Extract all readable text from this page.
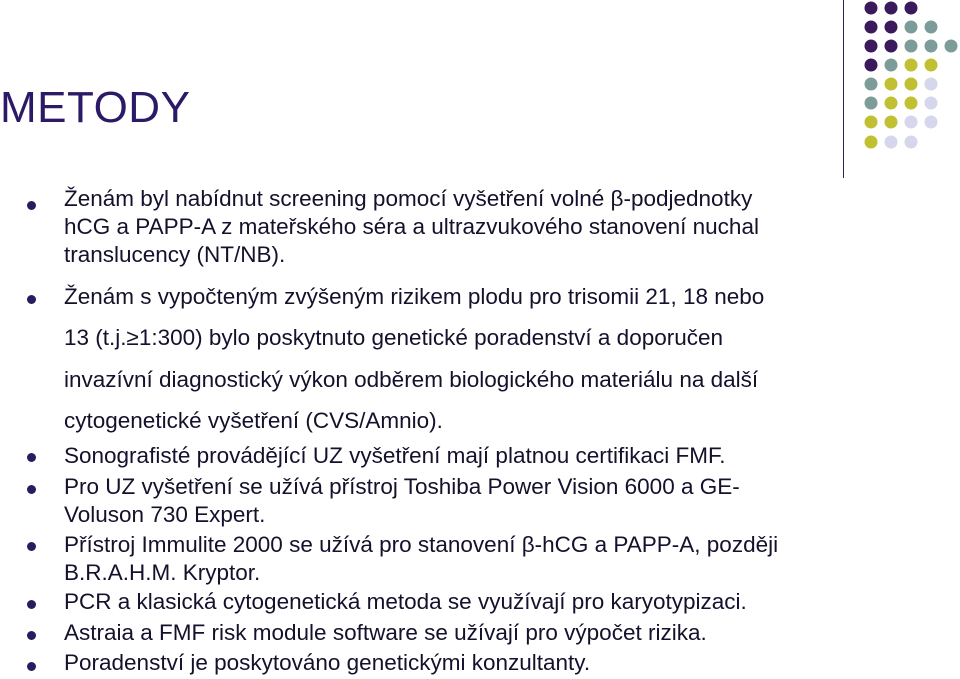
METODY
Ženám byl nabídnut screening pomocí vyšetření volné β-podjednotky
hCG a PAPP-A z mateřského séra a ultrazvukového stanovení nuchal
translucency (NT/NB).
Ženám s vypočteným zvýšeným rizikem plodu pro trisomii 21, 18 nebo
13 (t.j.≥1:300) bylo poskytnuto genetické poradenství a doporučen
invazívní diagnostický výkon odběrem biologického materiálu na další
cytogenetické vyšetření (CVS/Amnio).
Sonografisté provádějící UZ vyšetření mají platnou certifikaci FMF.
Pro UZ vyšetření se užívá přístroj Toshiba Power Vision 6000 a GE-
Voluson 730 Expert.
Přístroj Immulite 2000 se užívá pro stanovení β-hCG a PAPP-A, později
B.R.A.H.M. Kryptor.
PCR a klasická cytogenetická metoda se využívají pro karyotypizaci.
Astraia a FMF risk module software se užívají pro výpočet rizika.
Poradenství je poskytováno genetickými konzultanty.
